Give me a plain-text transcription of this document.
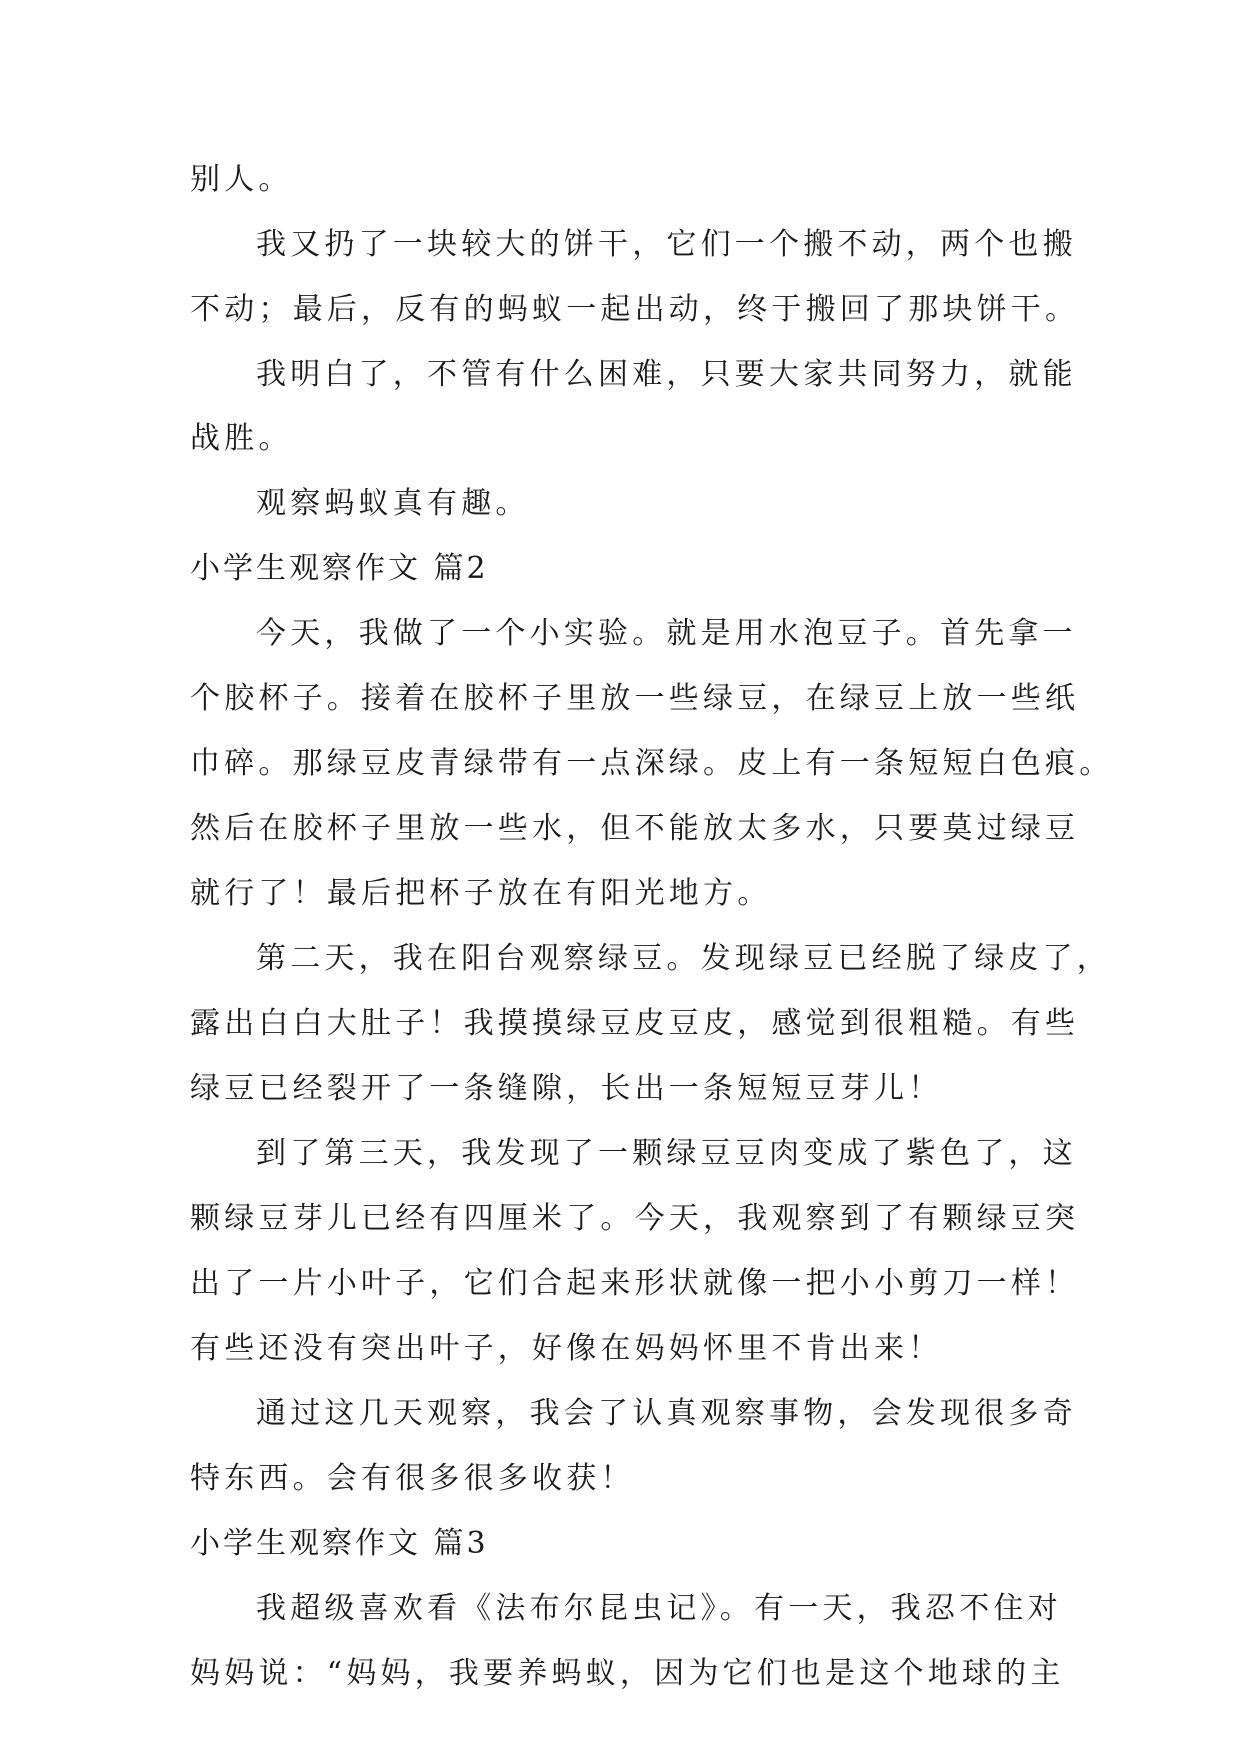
别人。
我又扔了一块较大的饼干，它们一个搬不动，两个也搬
不动；最后，反有的蚂蚁一起出动，终于搬回了那块饼干。
我明白了，不管有什么困难，只要大家共同努力，就能
战胜。
观察蚂蚁真有趣。
小学生观察作文 篇2
今天，我做了一个小实验。就是用水泡豆子。首先拿一
个胶杯子。接着在胶杯子里放一些绿豆，在绿豆上放一些纸
巾碎。那绿豆皮青绿带有一点深绿。皮上有一条短短白色痕。
然后在胶杯子里放一些水，但不能放太多水，只要莫过绿豆
就行了！最后把杯子放在有阳光地方。
第二天，我在阳台观察绿豆。发现绿豆已经脱了绿皮了，
露出白白大肚子！我摸摸绿豆皮豆皮，感觉到很粗糙。有些
绿豆已经裂开了一条缝隙，长出一条短短豆芽儿！
到了第三天，我发现了一颗绿豆豆肉变成了紫色了，这
颗绿豆芽儿已经有四厘米了。今天，我观察到了有颗绿豆突
出了一片小叶子，它们合起来形状就像一把小小剪刀一样！
有些还没有突出叶子，好像在妈妈怀里不肯出来！
通过这几天观察，我会了认真观察事物，会发现很多奇
特东西。会有很多很多收获！
小学生观察作文 篇3
我超级喜欢看《法布尔昆虫记》。有一天，我忍不住对
妈妈说：“妈妈，我要养蚂蚁，因为它们也是这个地球的主
